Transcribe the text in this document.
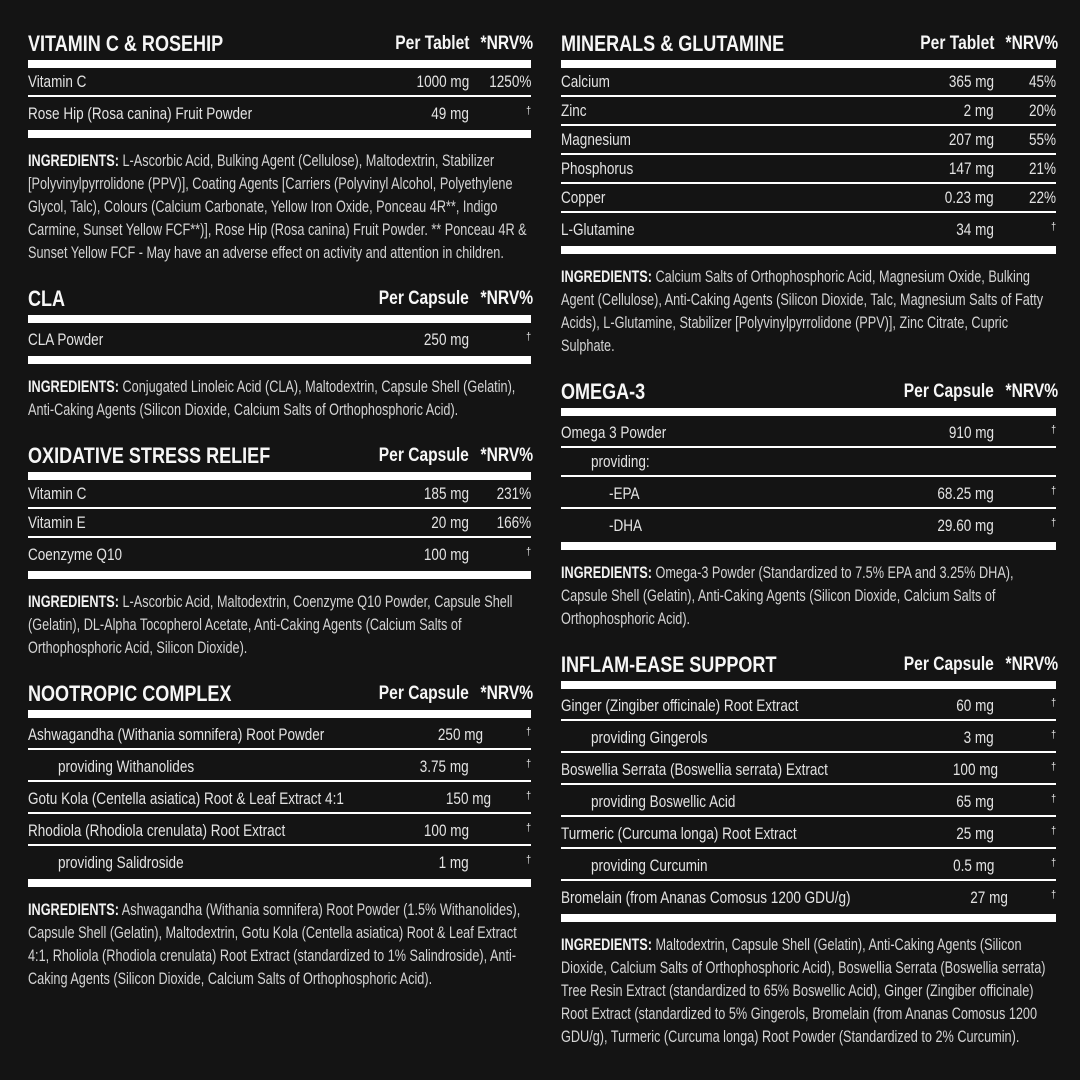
VITAMIN C & ROSEHIP	Per Tablet *NRV%
Vitamin C	1000 mg	1250%
Rose Hip (Rosa canina) Fruit Powder	49 mg	†

INGREDIENTS: L-Ascorbic Acid, Bulking Agent (Cellulose), Maltodextrin, Stabilizer [Polyvinylpyrrolidone (PPV)], Coating Agents [Carriers (Polyvinyl Alcohol, Polyethylene Glycol, Talc), Colours (Calcium Carbonate, Yellow Iron Oxide, Ponceau 4R**, Indigo Carmine, Sunset Yellow FCF**)], Rose Hip (Rosa canina) Fruit Powder. ** Ponceau 4R & Sunset Yellow FCF - May have an adverse effect on activity and attention in children.

CLA	Per Capsule *NRV%
CLA Powder	250 mg	†

INGREDIENTS: Conjugated Linoleic Acid (CLA), Maltodextrin, Capsule Shell (Gelatin), Anti-Caking Agents (Silicon Dioxide, Calcium Salts of Orthophosphoric Acid).

OXIDATIVE STRESS RELIEF	Per Capsule *NRV%
Vitamin C	185 mg	231%
Vitamin E	20 mg	166%
Coenzyme Q10	100 mg	†

INGREDIENTS: L-Ascorbic Acid, Maltodextrin, Coenzyme Q10 Powder, Capsule Shell (Gelatin), DL-Alpha Tocopherol Acetate, Anti-Caking Agents (Calcium Salts of Orthophosphoric Acid, Silicon Dioxide).

NOOTROPIC COMPLEX	Per Capsule *NRV%
Ashwagandha (Withania somnifera) Root Powder	250 mg	†
providing Withanolides	3.75 mg	†
Gotu Kola (Centella asiatica) Root & Leaf Extract 4:1	150 mg	†
Rhodiola (Rhodiola crenulata) Root Extract	100 mg	†
providing Salidroside	1 mg	†

INGREDIENTS: Ashwagandha (Withania somnifera) Root Powder (1.5% Withanolides), Capsule Shell (Gelatin), Maltodextrin, Gotu Kola (Centella asiatica) Root & Leaf Extract 4:1, Rholiola (Rhodiola crenulata) Root Extract (standardized to 1% Salindroside), Anti-Caking Agents (Silicon Dioxide, Calcium Salts of Orthophosphoric Acid).

MINERALS & GLUTAMINE	Per Tablet *NRV%
Calcium	365 mg	45%
Zinc	2 mg	20%
Magnesium	207 mg	55%
Phosphorus	147 mg	21%
Copper	0.23 mg	22%
L-Glutamine	34 mg	†

INGREDIENTS: Calcium Salts of Orthophosphoric Acid, Magnesium Oxide, Bulking Agent (Cellulose), Anti-Caking Agents (Silicon Dioxide, Talc, Magnesium Salts of Fatty Acids), L-Glutamine, Stabilizer [Polyvinylpyrrolidone (PPV)], Zinc Citrate, Cupric Sulphate.

OMEGA-3	Per Capsule *NRV%
Omega 3 Powder	910 mg	†
providing:
-EPA	68.25 mg	†
-DHA	29.60 mg	†

INGREDIENTS: Omega-3 Powder (Standardized to 7.5% EPA and 3.25% DHA), Capsule Shell (Gelatin), Anti-Caking Agents (Silicon Dioxide, Calcium Salts of Orthophosphoric Acid).

INFLAM-EASE SUPPORT	Per Capsule *NRV%
Ginger (Zingiber officinale) Root Extract	60 mg	†
providing Gingerols	3 mg	†
Boswellia Serrata (Boswellia serrata) Extract	100 mg	†
providing Boswellic Acid	65 mg	†
Turmeric (Curcuma longa) Root Extract	25 mg	†
providing Curcumin	0.5 mg	†
Bromelain (from Ananas Comosus 1200 GDU/g)	27 mg	†

INGREDIENTS: Maltodextrin, Capsule Shell (Gelatin), Anti-Caking Agents (Silicon Dioxide, Calcium Salts of Orthophosphoric Acid), Boswellia Serrata (Boswellia serrata) Tree Resin Extract (standardized to 65% Boswellic Acid), Ginger (Zingiber officinale) Root Extract (standardized to 5% Gingerols, Bromelain (from Ananas Comosus 1200 GDU/g), Turmeric (Curcuma longa) Root Powder (Standardized to 2% Curcumin).
